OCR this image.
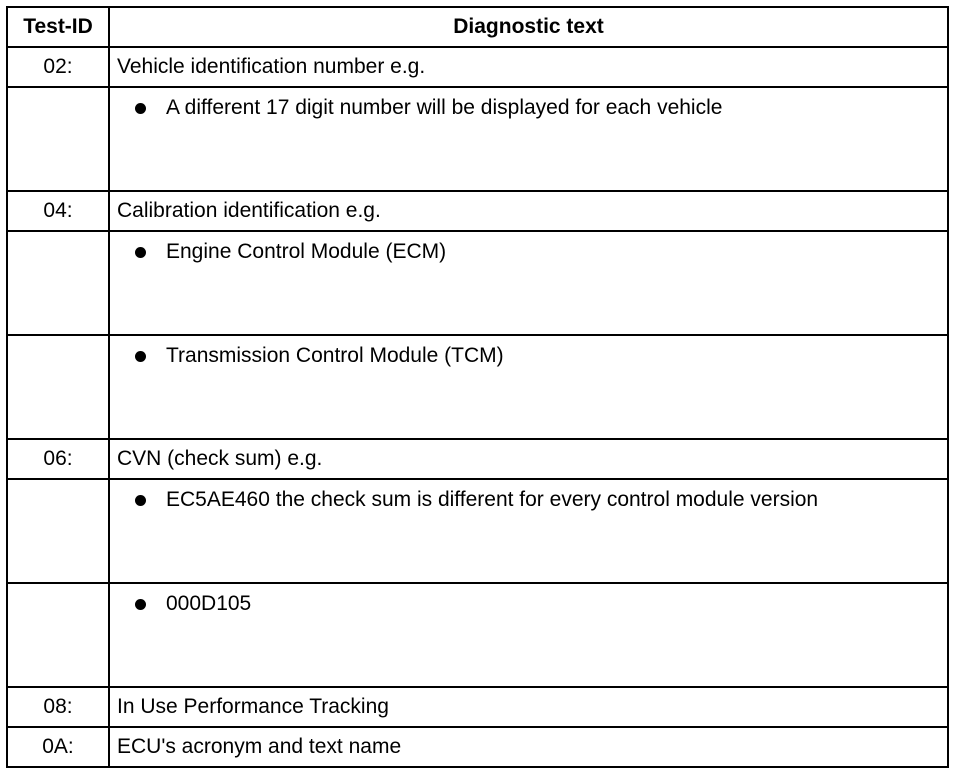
Test-ID	Diagnostic text
02:	Vehicle identification number e.g.

	A different 17 digit number will be displayed for each vehicle

04:	Calibration identification e.g.

	Engine Control Module (ECM)

	Transmission Control Module (TCM)

06:	CVN (check sum) e.g.

	EC5AE460 the check sum is different for every control module version

	000D105

08:	In Use Performance Tracking
0A:	ECU's acronym and text name
